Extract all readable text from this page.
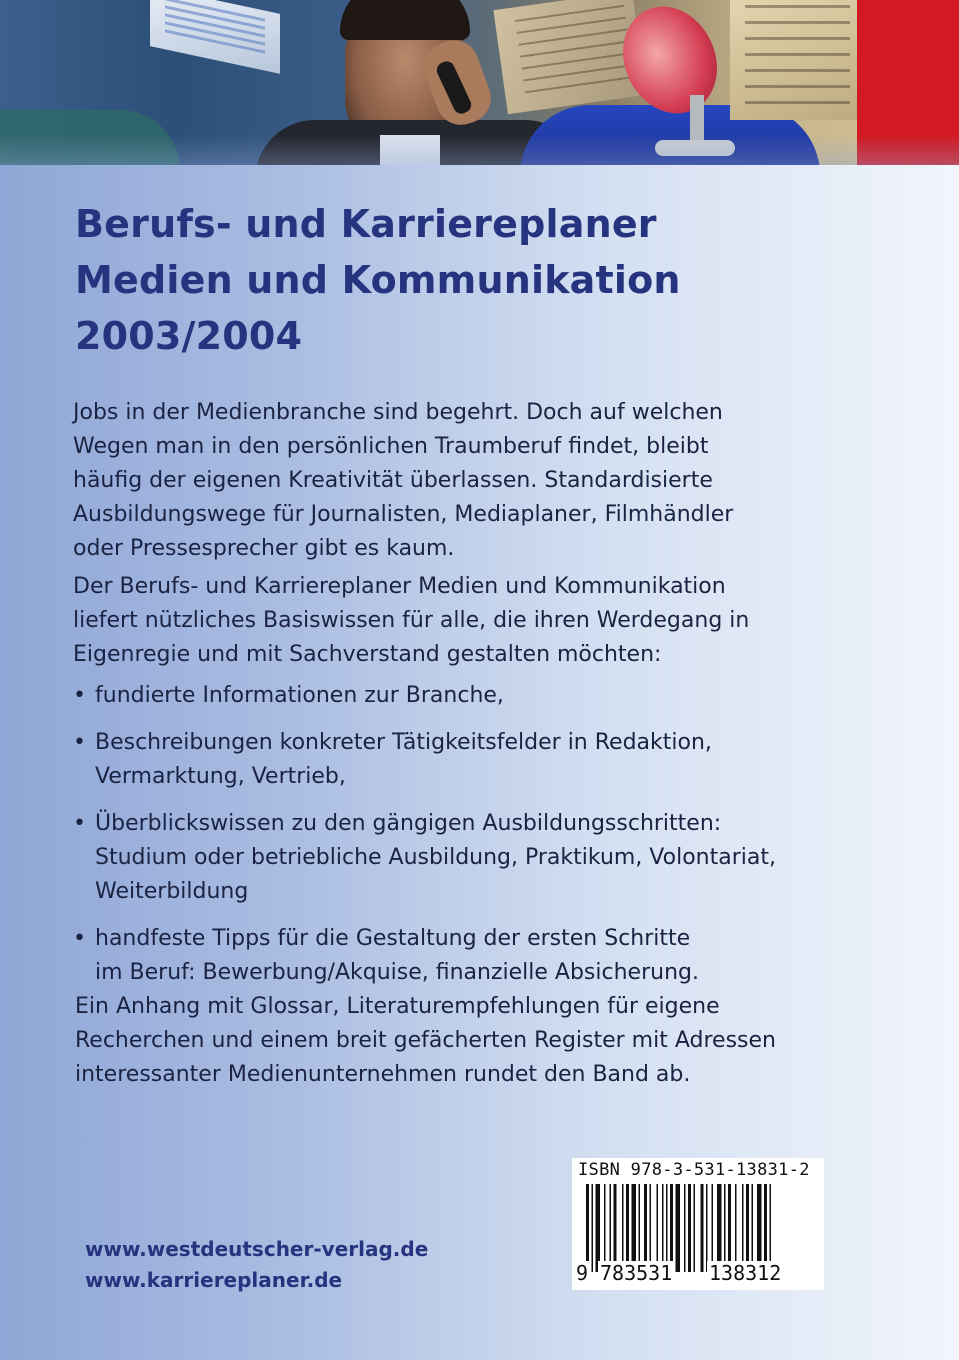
Berufs- und Karriereplaner
Medien und Kommunikation
2003/2004

Jobs in der Medienbranche sind begehrt. Doch auf welchen
Wegen man in den persönlichen Traumberuf findet, bleibt
häufig der eigenen Kreativität überlassen. Standardisierte
Ausbildungswege für Journalisten, Mediaplaner, Filmhändler
oder Pressesprecher gibt es kaum.

Der Berufs- und Karriereplaner Medien und Kommunikation
liefert nützliches Basiswissen für alle, die ihren Werdegang in
Eigenregie und mit Sachverstand gestalten möchten:

• fundierte Informationen zur Branche,
• Beschreibungen konkreter Tätigkeitsfelder in Redaktion,
Vermarktung, Vertrieb,
• Überblickswissen zu den gängigen Ausbildungsschritten:
Studium oder betriebliche Ausbildung, Praktikum, Volontariat,
Weiterbildung
• handfeste Tipps für die Gestaltung der ersten Schritte
im Beruf: Bewerbung/Akquise, finanzielle Absicherung.

Ein Anhang mit Glossar, Literaturempfehlungen für eigene
Recherchen und einem breit gefächerten Register mit Adressen
interessanter Medienunternehmen rundet den Band ab.

www.westdeutscher-verlag.de
www.karriereplaner.de
ISBN 978-3-531-13831-2
9 783531 138312
